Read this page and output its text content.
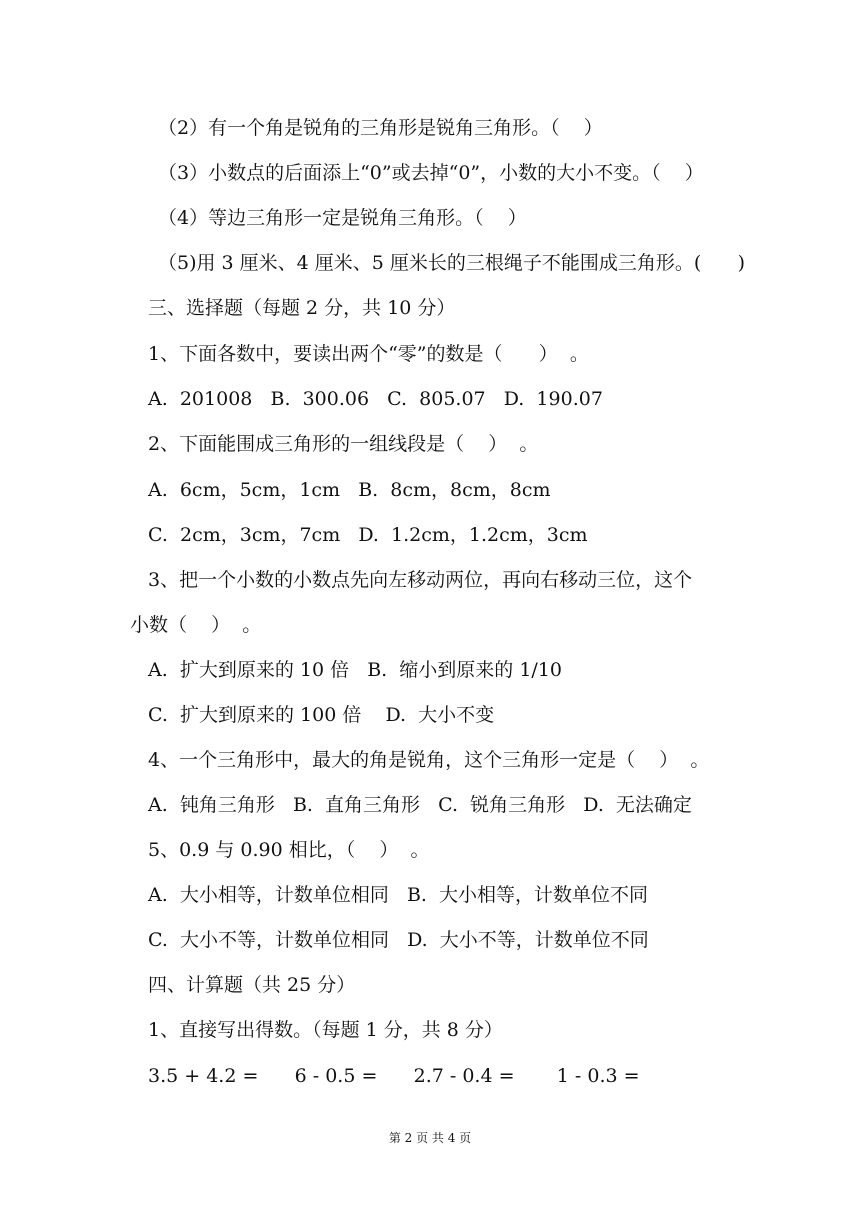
（2）有一个角是锐角的三角形是锐角三角形。（    ）
（3）小数点的后面添上“0”或去掉“0”，小数的大小不变。（    ）
（4）等边三角形一定是锐角三角形。（    ）
（5)用 3 厘米、4 厘米、5 厘米长的三根绳子不能围成三角形。(      )
三、选择题（每题 2 分，共 10 分）
1、下面各数中，要读出两个“零”的数是（      ）  。
A.  201008   B.  300.06   C.  805.07   D.  190.07
2、下面能围成三角形的一组线段是（    ）  。
A.  6cm，5cm，1cm   B.  8cm，8cm，8cm
C.  2cm，3cm，7cm   D.  1.2cm，1.2cm，3cm
3、把一个小数的小数点先向左移动两位，再向右移动三位，这个
小数（    ）  。
A.  扩大到原来的 10 倍   B.  缩小到原来的 1/10
C.  扩大到原来的 100 倍    D.  大小不变
4、一个三角形中，最大的角是锐角，这个三角形一定是（    ）  。
A.  钝角三角形   B.  直角三角形   C.  锐角三角形   D.  无法确定
5、0.9 与 0.90 相比，（    ）  。
A.  大小相等，计数单位相同   B.  大小相等，计数单位不同
C.  大小不等，计数单位相同   D.  大小不等，计数单位不同
四、计算题（共 25 分）
1、直接写出得数。（每题 1 分，共 8 分）
3.5 + 4.2 =      6 - 0.5 =      2.7 - 0.4 =       1 - 0.3 =
第 2 页 共 4 页
